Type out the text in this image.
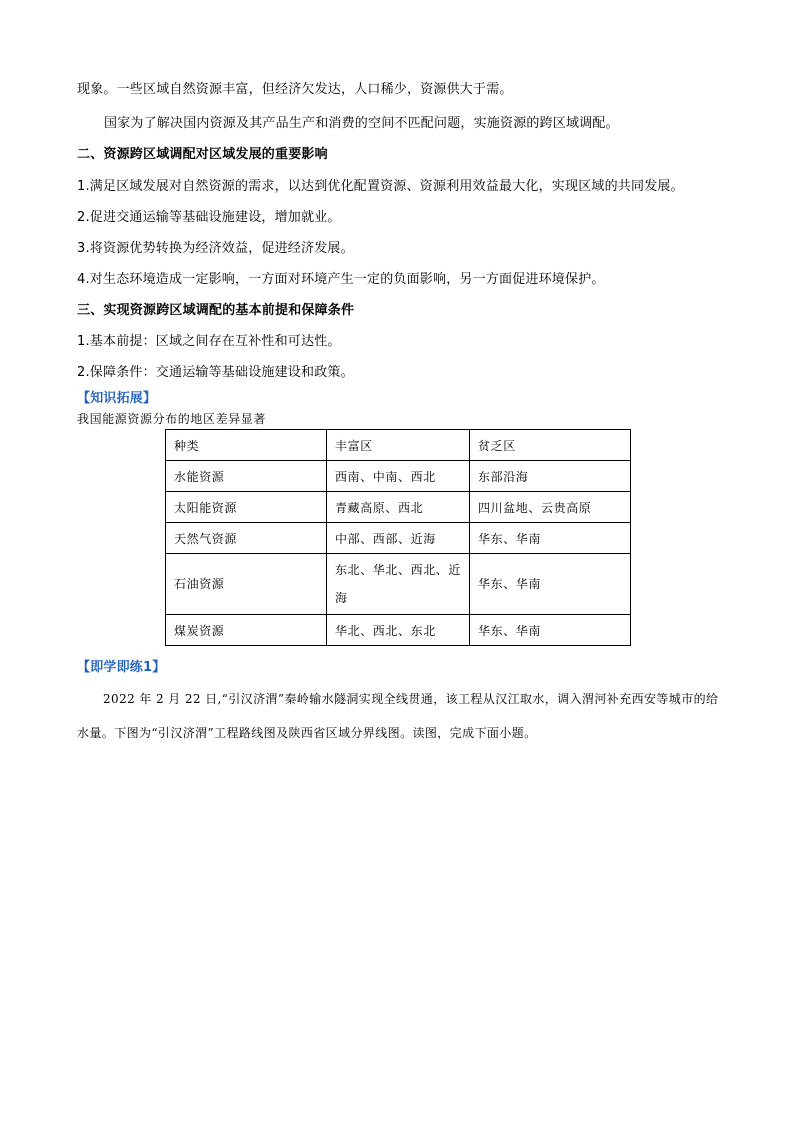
现象。一些区域自然资源丰富，但经济欠发达，人口稀少，资源供大于需。
国家为了解决国内资源及其产品生产和消费的空间不匹配问题，实施资源的跨区域调配。
二、资源跨区域调配对区域发展的重要影响
1.满足区域发展对自然资源的需求，以达到优化配置资源、资源利用效益最大化，实现区域的共同发展。
2.促进交通运输等基础设施建设，增加就业。
3.将资源优势转换为经济效益，促进经济发展。
4.对生态环境造成一定影响，一方面对环境产生一定的负面影响，另一方面促进环境保护。
三、实现资源跨区域调配的基本前提和保障条件
1.基本前提：区域之间存在互补性和可达性。
2.保障条件：交通运输等基础设施建设和政策。
【知识拓展】
我国能源资源分布的地区差异显著
种类	丰富区	贫乏区
水能资源	西南、中南、西北	东部沿海
太阳能资源	青藏高原、西北	四川盆地、云贵高原
天然气资源	中部、西部、近海	华东、华南
石油资源	东北、华北、西北、近海	华东、华南
煤炭资源	华北、西北、东北	华东、华南
【即学即练1】
2022 年 2 月 22 日,“引汉济渭”秦岭输水隧洞实现全线贯通，该工程从汉江取水，调入渭河补充西安等城市的给水量。下图为“引汉济渭”工程路线图及陕西省区域分界线图。读图，完成下面小题。
